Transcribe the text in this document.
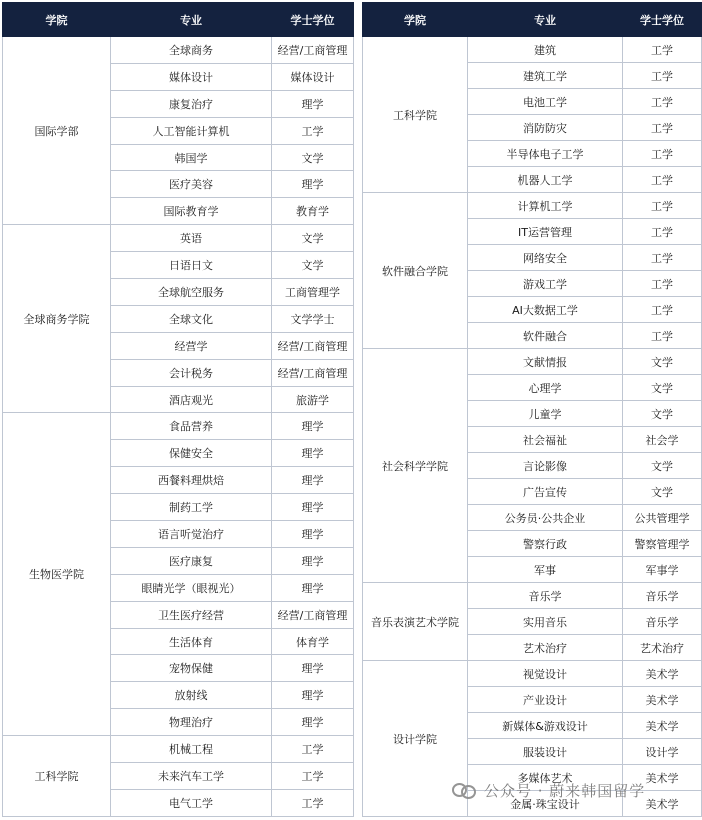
学院	专业	学士学位
国际学部	全球商务	经营/工商管理
	媒体设计	媒体设计
	康复治疗	理学
	人工智能计算机	工学
	韩国学	文学
	医疗美容	理学
	国际教育学	教育学
全球商务学院	英语	文学
	日语日文	文学
	全球航空服务	工商管理学
	全球文化	文学学士
	经营学	经营/工商管理
	会计税务	经营/工商管理
	酒店观光	旅游学
生物医学院	食品营养	理学
	保健安全	理学
	西餐料理烘焙	理学
	制药工学	理学
	语言听觉治疗	理学
	医疗康复	理学
	眼睛光学（眼视光）	理学
	卫生医疗经营	经营/工商管理
	生活体育	体育学
	宠物保健	理学
	放射线	理学
	物理治疗	理学
工科学院	机械工程	工学
	未来汽车工学	工学
	电气工学	工学
学院	专业	学士学位
工科学院	建筑	工学
	建筑工学	工学
	电池工学	工学
	消防防灾	工学
	半导体电子工学	工学
	机器人工学	工学
软件融合学院	计算机工学	工学
	IT运营管理	工学
	网络安全	工学
	游戏工学	工学
	AI大数据工学	工学
	软件融合	工学
社会科学学院	文献情报	文学
	心理学	文学
	儿童学	文学
	社会福祉	社会学
	言论影像	文学
	广告宣传	文学
	公务员·公共企业	公共管理学
	警察行政	警察管理学
	军事	军事学
音乐表演艺术学院	音乐学	音乐学
	实用音乐	音乐学
	艺术治疗	艺术治疗
设计学院	视觉设计	美术学
	产业设计	美术学
	新媒体&游戏设计	美术学
	服装设计	设计学
	多媒体艺术	美术学
	金属·珠宝设计	美术学
公众号 · 蔚来韩国留学
